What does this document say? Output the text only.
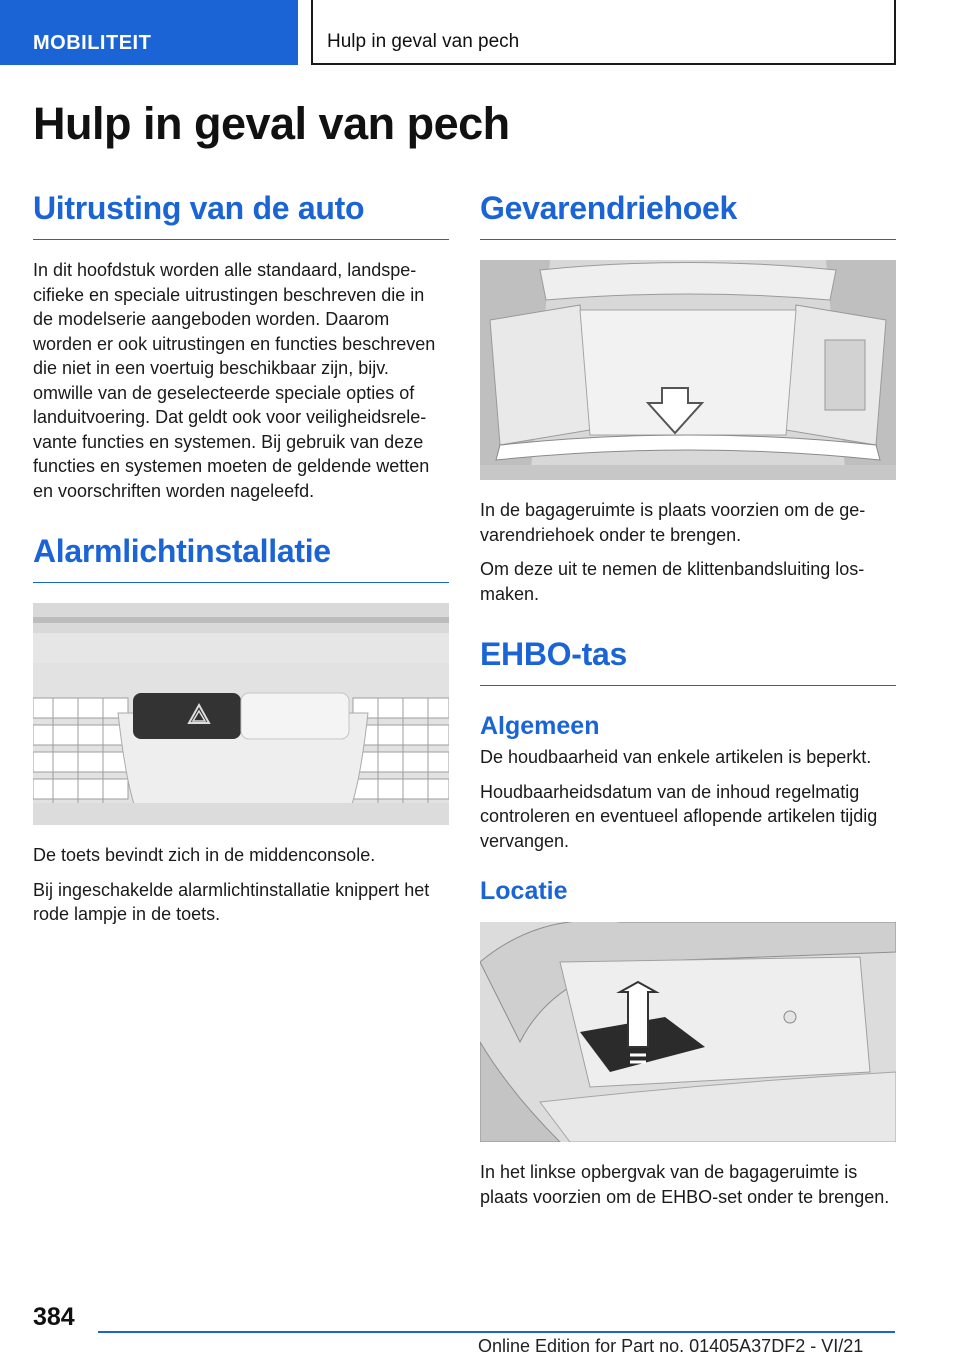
MOBILITEIT	Hulp in geval van pech
Hulp in geval van pech
Uitrusting van de auto

In dit hoofdstuk worden alle standaard, landspecifieke en speciale uitrustingen beschreven die in de modelserie aangeboden worden. Daarom worden er ook uitrustingen en functies beschreven die niet in een voertuig beschikbaar zijn, bijv. omwille van de geselecteerde speciale opties of landuitvoering. Dat geldt ook voor veiligheidsrelevante functies en systemen. Bij gebruik van deze functies en systemen moeten de geldende wetten en voorschriften worden nageleefd.

Alarmlichtinstallatie

De toets bevindt zich in de middenconsole.

Bij ingeschakelde alarmlichtinstallatie knippert het rode lampje in de toets.

Gevarendriehoek

In de bagageruimte is plaats voorzien om de gevarendriehoek onder te brengen.

Om deze uit te nemen de klittenbandsluiting losmaken.

EHBO-tas
Algemeen

De houdbaarheid van enkele artikelen is beperkt.

Houdbaarheidsdatum van de inhoud regelmatig controleren en eventueel aflopende artikelen tijdig vervangen.

Locatie

In het linkse opbergvak van de bagageruimte is plaats voorzien om de EHBO-set onder te brengen.

384
Online Edition for Part no. 01405A37DF2 - VI/21
